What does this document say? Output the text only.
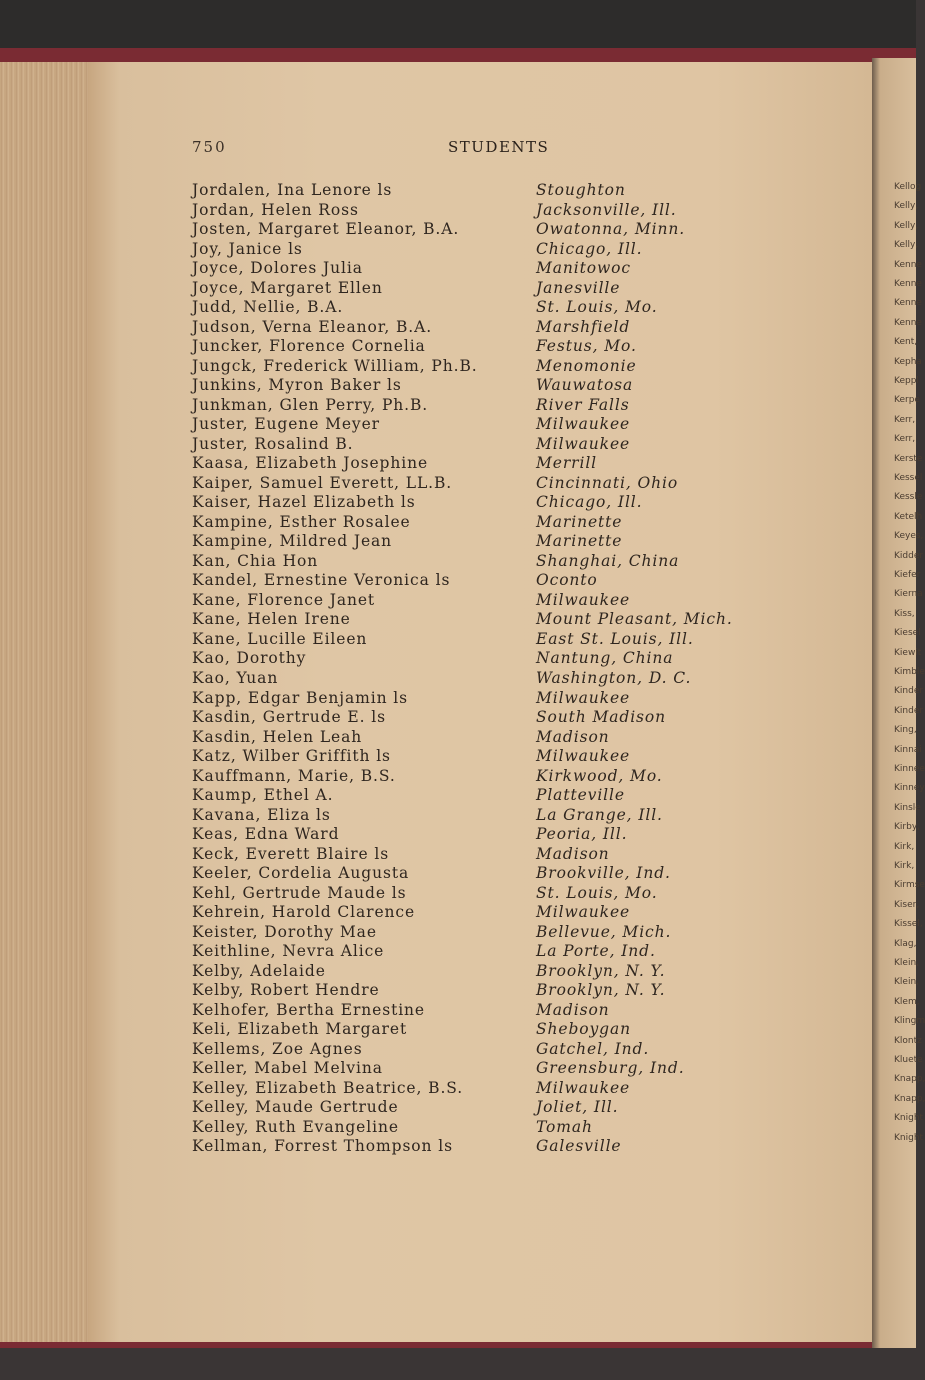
Kellog
Kelly,
Kelly,
Kelly,
Kenne
Kenne
Kenne
Kenne
Kent,
Kepha
Keppl
Kerpe
Kerr,
Kerr,
Kerste
Kessel
Kessle
Ketelh
Keyes,
Kidder
Kiefer
Kierna
Kiss,
Kiesel
Kiewit
Kimble
Kinder
Kinder
King,
Kinnai
Kinnee
Kinney
Kinsle
Kirby,
Kirk,
Kirk,
Kirmse
Kiser,
Kissel,
Klag,
Klein,
Klein,
Klem,
Klingm
Klontz
Kluete
Knapp,
Knapp,
Knight
Knight
750	STUDENTS
Jordalen, Ina Lenore ls	Stoughton
Jordan, Helen Ross	Jacksonville, Ill.
Josten, Margaret Eleanor, B.A.	Owatonna, Minn.
Joy, Janice ls	Chicago, Ill.
Joyce, Dolores Julia	Manitowoc
Joyce, Margaret Ellen	Janesville
Judd, Nellie, B.A.	St. Louis, Mo.
Judson, Verna Eleanor, B.A.	Marshfield
Juncker, Florence Cornelia	Festus, Mo.
Jungck, Frederick William, Ph.B.	Menomonie
Junkins, Myron Baker ls	Wauwatosa
Junkman, Glen Perry, Ph.B.	River Falls
Juster, Eugene Meyer	Milwaukee
Juster, Rosalind B.	Milwaukee
Kaasa, Elizabeth Josephine	Merrill
Kaiper, Samuel Everett, LL.B.	Cincinnati, Ohio
Kaiser, Hazel Elizabeth ls	Chicago, Ill.
Kampine, Esther Rosalee	Marinette
Kampine, Mildred Jean	Marinette
Kan, Chia Hon	Shanghai, China
Kandel, Ernestine Veronica ls	Oconto
Kane, Florence Janet	Milwaukee
Kane, Helen Irene	Mount Pleasant, Mich.
Kane, Lucille Eileen	East St. Louis, Ill.
Kao, Dorothy	Nantung, China
Kao, Yuan	Washington, D. C.
Kapp, Edgar Benjamin ls	Milwaukee
Kasdin, Gertrude E. ls	South Madison
Kasdin, Helen Leah	Madison
Katz, Wilber Griffith ls	Milwaukee
Kauffmann, Marie, B.S.	Kirkwood, Mo.
Kaump, Ethel A.	Platteville
Kavana, Eliza ls	La Grange, Ill.
Keas, Edna Ward	Peoria, Ill.
Keck, Everett Blaire ls	Madison
Keeler, Cordelia Augusta	Brookville, Ind.
Kehl, Gertrude Maude ls	St. Louis, Mo.
Kehrein, Harold Clarence	Milwaukee
Keister, Dorothy Mae	Bellevue, Mich.
Keithline, Nevra Alice	La Porte, Ind.
Kelby, Adelaide	Brooklyn, N. Y.
Kelby, Robert Hendre	Brooklyn, N. Y.
Kelhofer, Bertha Ernestine	Madison
Keli, Elizabeth Margaret	Sheboygan
Kellems, Zoe Agnes	Gatchel, Ind.
Keller, Mabel Melvina	Greensburg, Ind.
Kelley, Elizabeth Beatrice, B.S.	Milwaukee
Kelley, Maude Gertrude	Joliet, Ill.
Kelley, Ruth Evangeline	Tomah
Kellman, Forrest Thompson ls	Galesville
